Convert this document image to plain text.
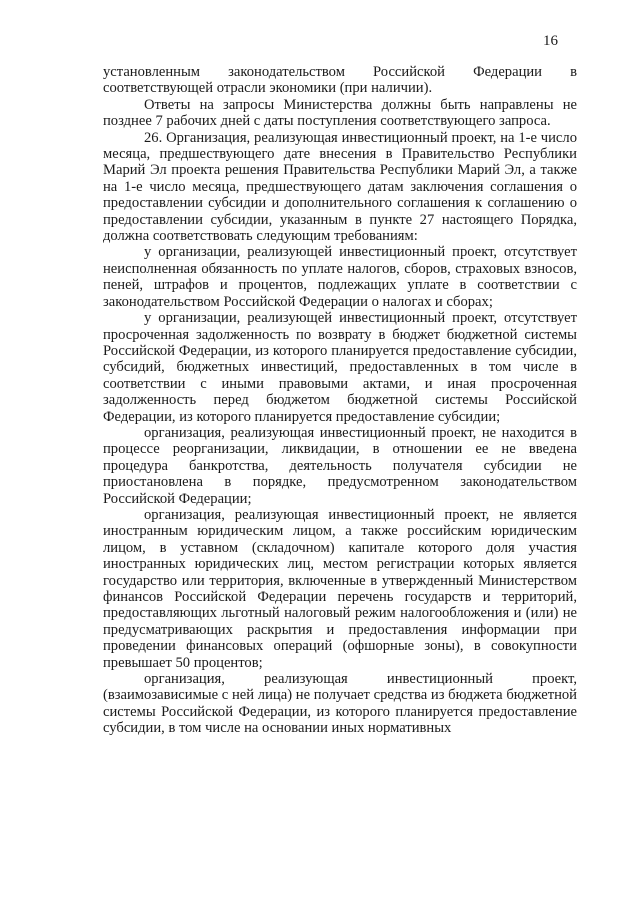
16

установленным законодательством Российской Федерации в соответствующей отрасли экономики (при наличии).

Ответы на запросы Министерства должны быть направлены не позднее 7 рабочих дней с даты поступления соответствующего запроса.

26. Организация, реализующая инвестиционный проект, на 1-е число месяца, предшествующего дате внесения в Правительство Республики Марий Эл проекта решения Правительства Республики Марий Эл, а также на 1-е число месяца, предшествующего датам заключения соглашения о предоставлении субсидии и дополнительного соглашения к соглашению о предоставлении субсидии, указанным в пункте 27 настоящего Порядка, должна соответствовать следующим требованиям:

у организации, реализующей инвестиционный проект, отсутствует неисполненная обязанность по уплате налогов, сборов, страховых взносов, пеней, штрафов и процентов, подлежащих уплате в соответствии с законодательством Российской Федерации о налогах и сборах;

у организации, реализующей инвестиционный проект, отсутствует просроченная задолженность по возврату в бюджет бюджетной системы Российской Федерации, из которого планируется предоставление субсидии, субсидий, бюджетных инвестиций, предоставленных в том числе в соответствии с иными правовыми актами, и иная просроченная задолженность перед бюджетом бюджетной системы Российской Федерации, из которого планируется предоставление субсидии;

организация, реализующая инвестиционный проект, не находится в процессе реорганизации, ликвидации, в отношении ее не введена процедура банкротства, деятельность получателя субсидии не приостановлена в порядке, предусмотренном законодательством Российской Федерации;

организация, реализующая инвестиционный проект, не является иностранным юридическим лицом, а также российским юридическим лицом, в уставном (складочном) капитале которого доля участия иностранных юридических лиц, местом регистрации которых является государство или территория, включенные в утвержденный Министерством финансов Российской Федерации перечень государств и территорий, предоставляющих льготный налоговый режим налогообложения и (или) не предусматривающих раскрытия и предоставления информации при проведении финансовых операций (офшорные зоны), в совокупности превышает 50 процентов;

организация, реализующая инвестиционный проект, (взаимозависимые с ней лица) не получает средства из бюджета бюджетной системы Российской Федерации, из которого планируется предоставление субсидии, в том числе на основании иных нормативных
